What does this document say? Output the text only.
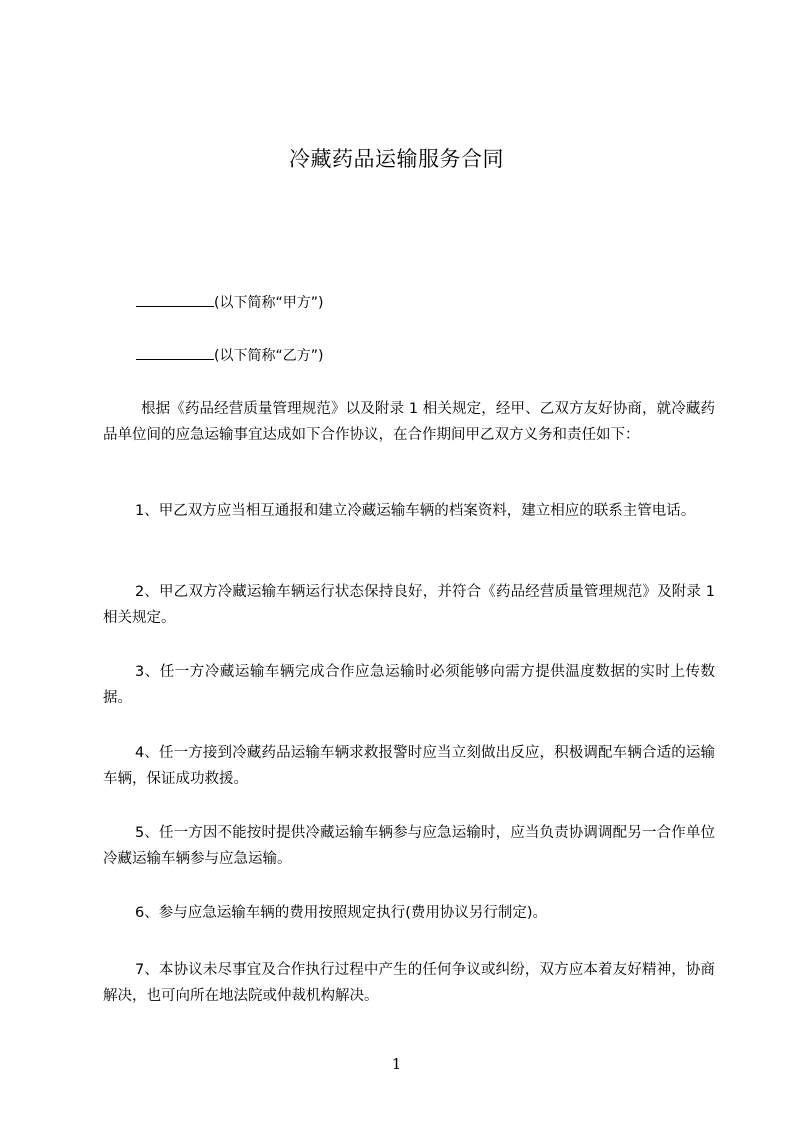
冷藏药品运输服务合同
(以下简称“甲方”)
(以下简称“乙方”)
根据《药品经营质量管理规范》以及附录 1 相关规定，经甲、乙双方友好协商，就冷藏药品单位间的应急运输事宜达成如下合作协议，在合作期间甲乙双方义务和责任如下：
1、甲乙双方应当相互通报和建立冷藏运输车辆的档案资料，建立相应的联系主管电话。
2、甲乙双方冷藏运输车辆运行状态保持良好，并符合《药品经营质量管理规范》及附录 1 相关规定。
3、任一方冷藏运输车辆完成合作应急运输时必须能够向需方提供温度数据的实时上传数据。
4、任一方接到冷藏药品运输车辆求救报警时应当立刻做出反应，积极调配车辆合适的运输车辆，保证成功救援。
5、任一方因不能按时提供冷藏运输车辆参与应急运输时，应当负责协调调配另一合作单位冷藏运输车辆参与应急运输。
6、参与应急运输车辆的费用按照规定执行(费用协议另行制定)。
7、本协议未尽事宜及合作执行过程中产生的任何争议或纠纷，双方应本着友好精神，协商解决，也可向所在地法院或仲裁机构解决。
1
